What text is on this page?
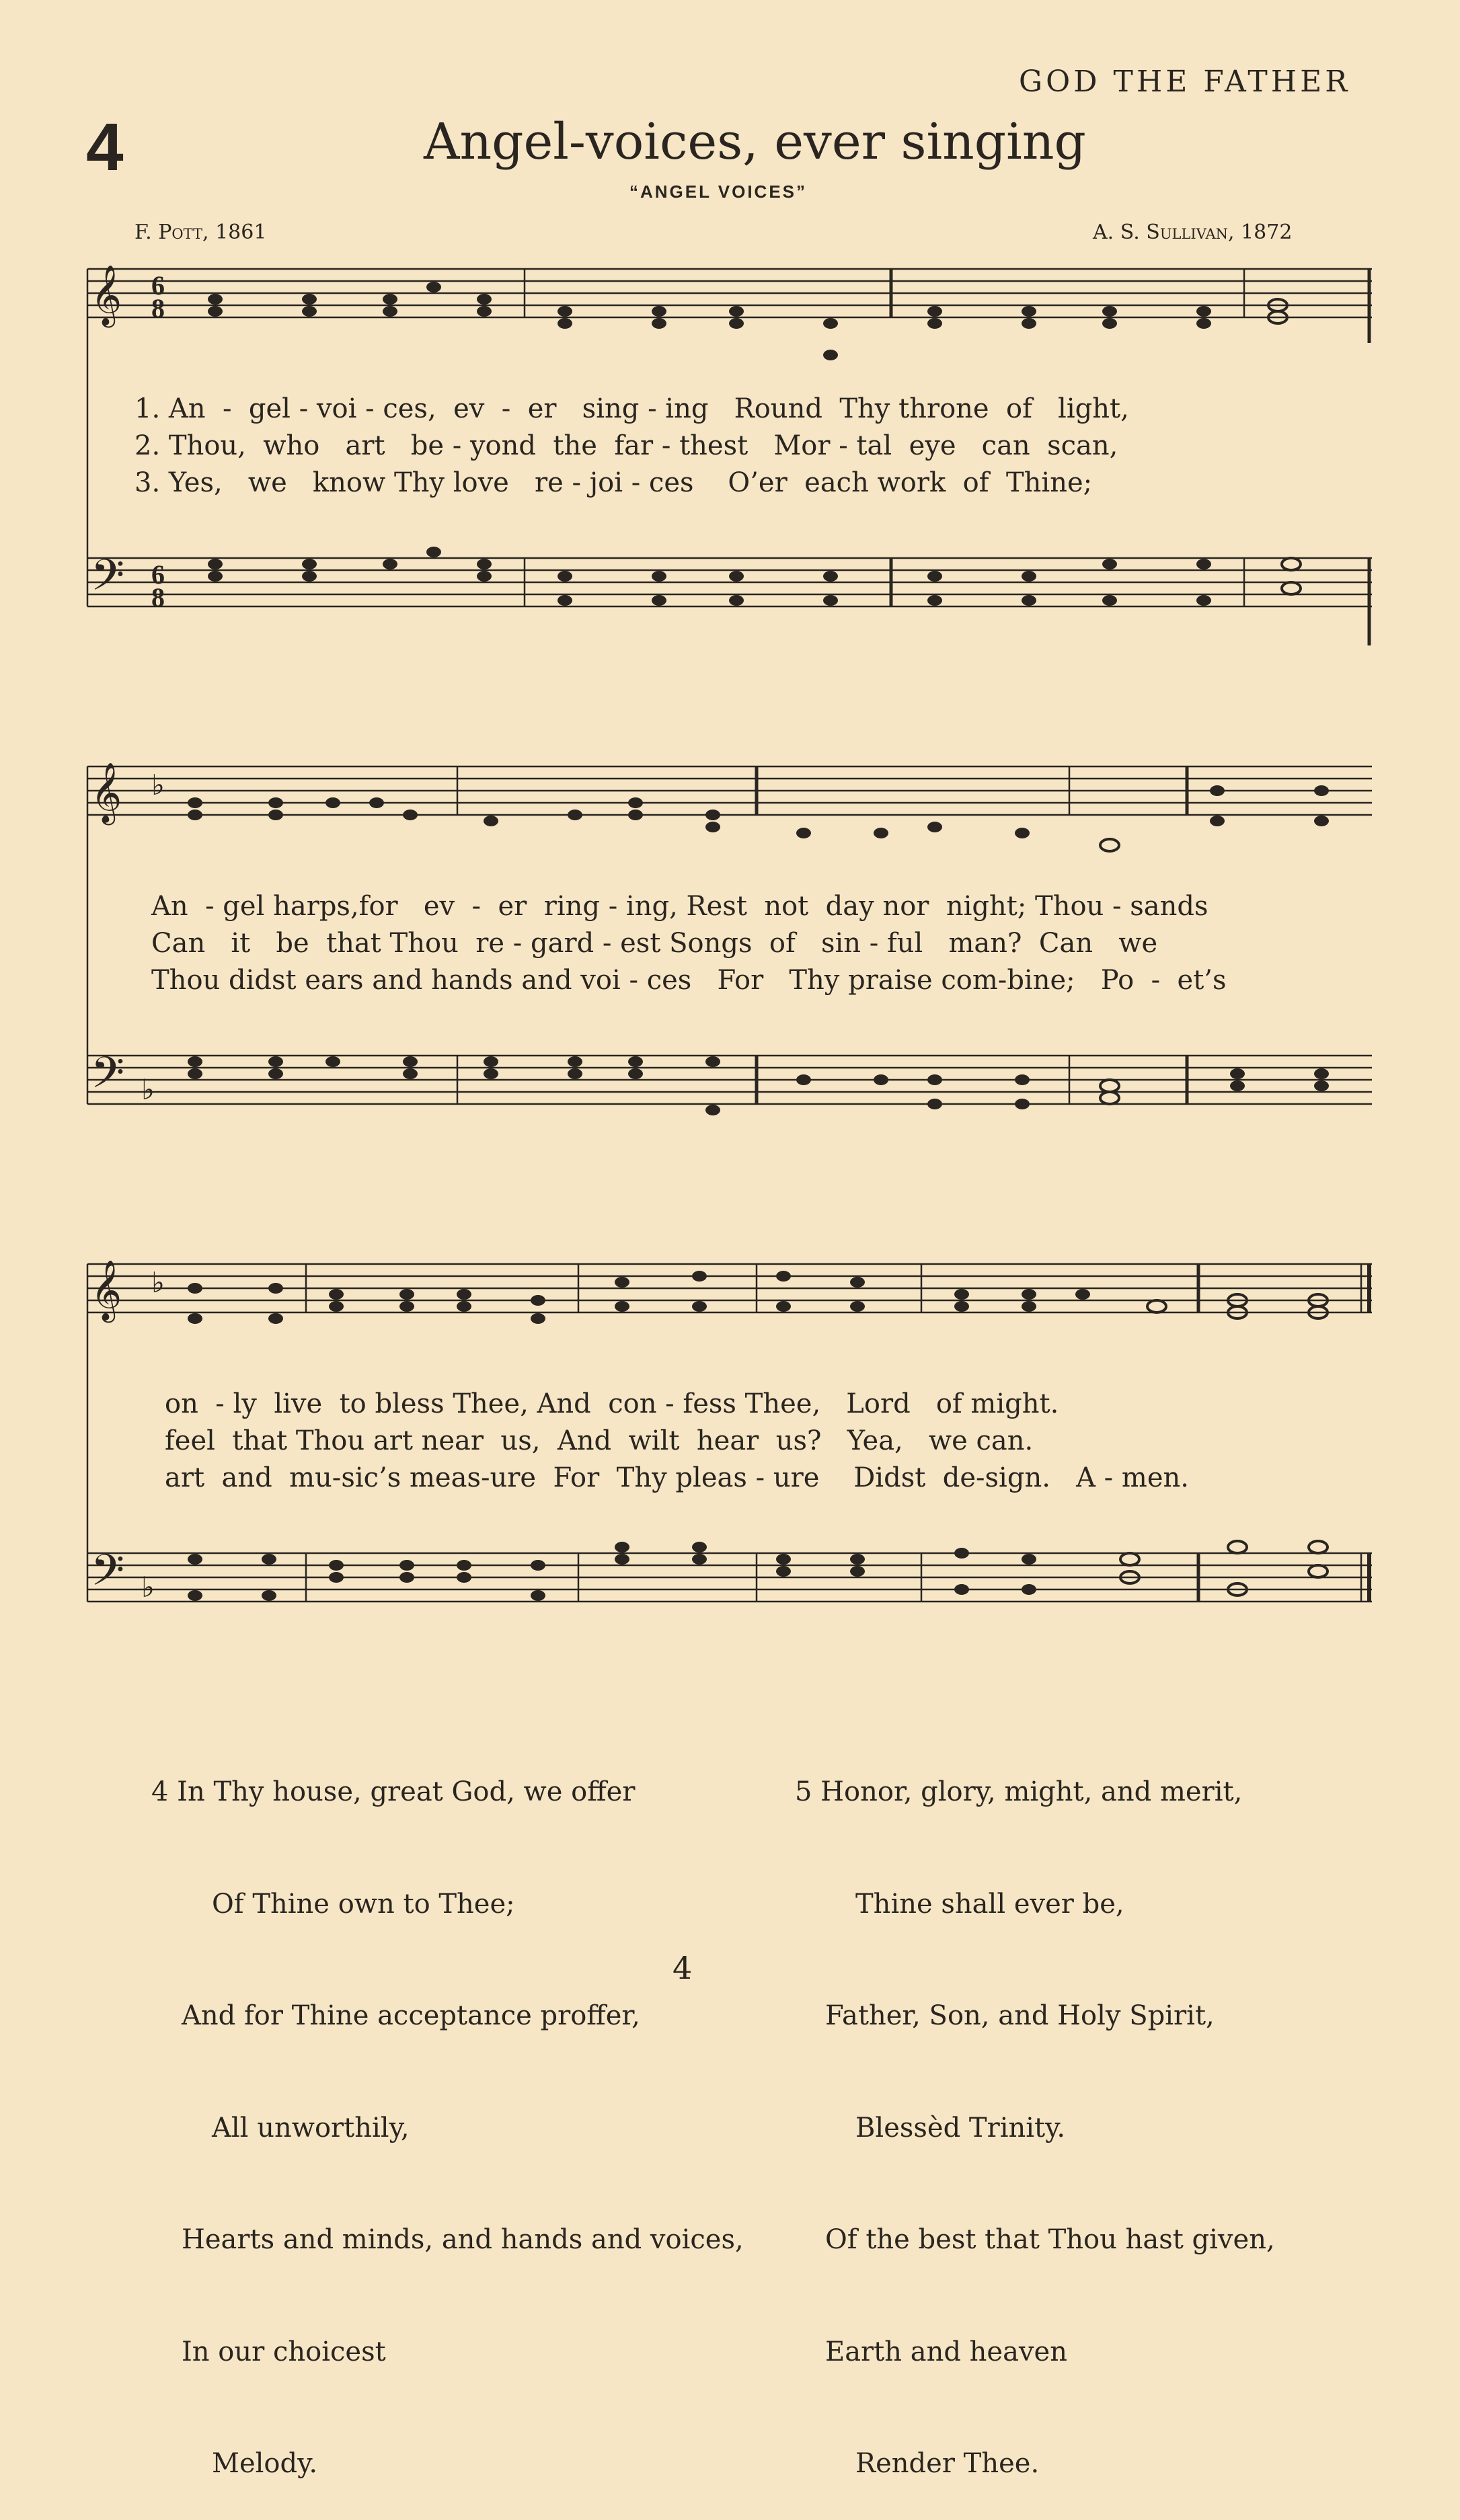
GOD THE FATHER
4	Angel-voices, ever singing
“ANGEL VOICES”
F. Pott, 1861	A. S. Sullivan, 1872
𝄞 6
8
𝄢 6
8
1. An  -  gel - voi - ces,  ev  -  er   sing - ing   Round  Thy throne  of   light,
2. Thou,  who   art   be - yond  the  far - thest   Mor - tal  eye   can  scan,
3. Yes,   we   know Thy love   re - joi - ces    O’er  each work  of  Thine;
𝄞 ♭
𝄢 ♭
An  - gel harps,for   ev  -  er  ring - ing, Rest  not  day nor  night; Thou - sands
Can   it   be  that Thou  re - gard - est Songs  of   sin - ful   man?  Can   we
Thou didst ears and hands and voi - ces   For   Thy praise com-bine;   Po  -  et’s
𝄞 ♭
𝄢 ♭
on  - ly  live  to bless Thee, And  con - fess Thee,   Lord   of might.
feel  that Thou art near  us,  And  wilt  hear  us?   Yea,   we can.
art  and  mu-sic’s meas-ure  For  Thy pleas - ure    Didst  de-sign.   A - men.

4 In Thy house, great God, we offer

Of Thine own to Thee;

And for Thine acceptance proffer,

All unworthily,

Hearts and minds, and hands and voices,

In our choicest

Melody.

5 Honor, glory, might, and merit,

Thine shall ever be,

Father, Son, and Holy Spirit,

Blessèd Trinity.

Of the best that Thou hast given,

Earth and heaven

Render Thee.

4
